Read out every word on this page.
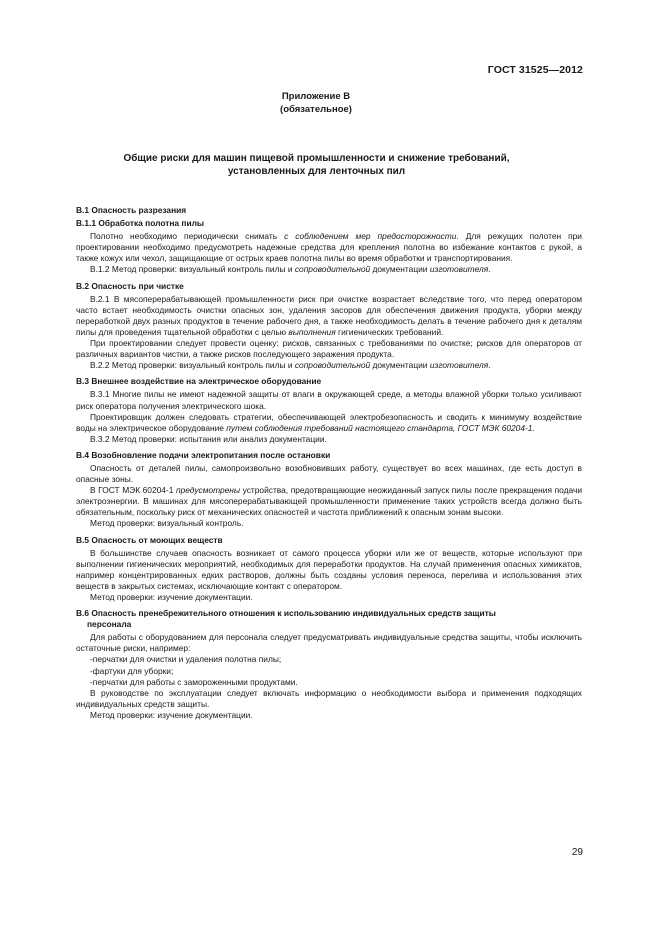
ГОСТ 31525—2012
Приложение В
(обязательное)
Общие риски для машин пищевой промышленности и снижение требований,
установленных для ленточных пил

В.1 Опасность разрезания

В.1.1 Обработка полотна пилы

Полотно необходимо периодически снимать с соблюдением мер предосторожности. Для режущих полотен при проектировании необходимо предусмотреть надежные средства для крепления полотна во избежание контактов с рукой, а также кожух или чехол, защищающие от острых краев полотна пилы во время обработки и транспортирования.

В.1.2 Метод проверки: визуальный контроль пилы и сопроводительной документации изготовителя.

В.2 Опасность при чистке

В.2.1 В мясоперерабатывающей промышленности риск при очистке возрастает вследствие того, что перед оператором часто встает необходимость очистки опасных зон, удаления засоров для обеспечения движения продукта, уборки между переработкой двух разных продуктов в течение рабочего дня, а также необходимость делать в течение рабочего дня к деталям пилы для проведения тщательной обработки с целью выполнения гигиенических требований.

При проектировании следует провести оценку: рисков, связанных с требованиями по очистке; рисков для операторов от различных вариантов чистки, а также рисков последующего заражения продукта.

В.2.2 Метод проверки: визуальный контроль пилы и сопроводительной документации изготовителя.

В.3 Внешнее воздействие на электрическое оборудование

В.3.1 Многие пилы не имеют надежной защиты от влаги в окружающей среде, а методы влажной уборки только усиливают риск оператора получения электрического шока.

Проектировщик должен следовать стратегии, обеспечивающей электробезопасность и сводить к минимуму воздействие воды на электрическое оборудование путем соблюдения требований настоящего стандарта, ГОСТ МЭК 60204-1.

В.3.2 Метод проверки: испытания или анализ документации.

В.4 Возобновление подачи электропитания после остановки

Опасность от деталей пилы, самопроизвольно возобновивших работу, существует во всех машинах, где есть доступ в опасные зоны.

В ГОСТ МЭК 60204-1 предусмотрены устройства, предотвращающие неожиданный запуск пилы после прекращения подачи электроэнергии. В машинах для мясоперерабатывающей промышленности применение таких устройств всегда должно быть обязательным, поскольку риск от механических опасностей и частота приближений к опасным зонам высоки.

Метод проверки: визуальный контроль.

В.5 Опасность от моющих веществ

В большинстве случаев опасность возникает от самого процесса уборки или же от веществ, которые используют при выполнении гигиенических мероприятий, необходимых для переработки продуктов. На случай применения опасных химикатов, например концентрированных едких растворов, должны быть созданы условия переноса, перелива и использования этих веществ в закрытых системах, исключающие контакт с оператором.

Метод проверки: изучение документации.

В.6 Опасность пренебрежительного отношения к использованию индивидуальных средств защиты
персонала

Для работы с оборудованием для персонала следует предусматривать индивидуальные средства защиты, чтобы исключить остаточные риски, например:

-перчатки для очистки и удаления полотна пилы;

-фартуки для уборки;

-перчатки для работы с замороженными продуктами.

В руководстве по эксплуатации следует включать информацию о необходимости выбора и применения подходящих индивидуальных средств защиты.

Метод проверки: изучение документации.

29
